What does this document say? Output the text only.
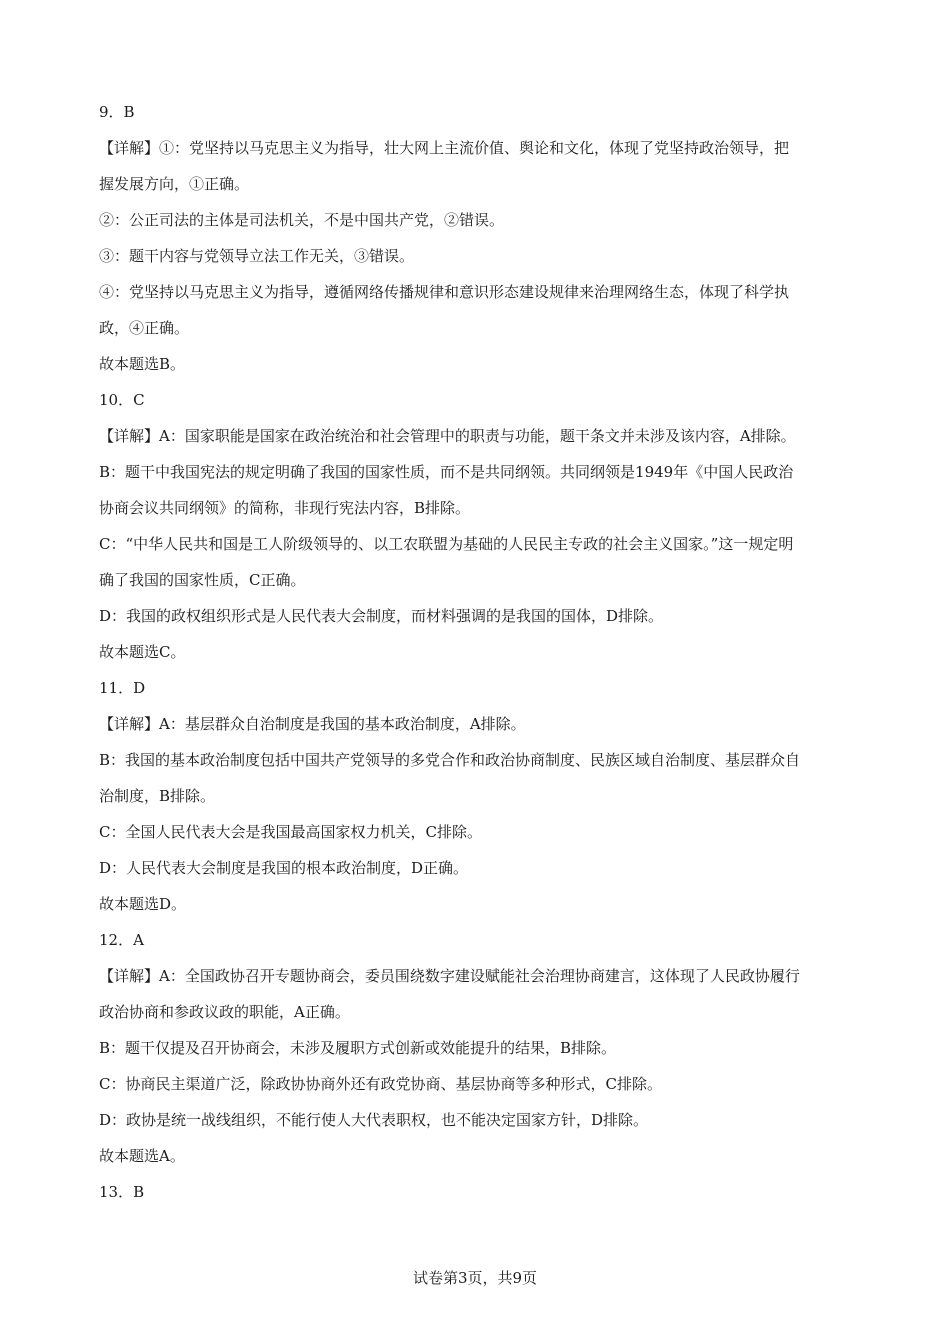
9．B
【详解】①：党坚持以马克思主义为指导，壮大网上主流价值、舆论和文化，体现了党坚持政治领导，把
握发展方向，①正确。
②：公正司法的主体是司法机关，不是中国共产党，②错误。
③：题干内容与党领导立法工作无关，③错误。
④：党坚持以马克思主义为指导，遵循网络传播规律和意识形态建设规律来治理网络生态，体现了科学执
政，④正确。
故本题选B。
10．C
【详解】A：国家职能是国家在政治统治和社会管理中的职责与功能，题干条文并未涉及该内容，A排除。
B：题干中我国宪法的规定明确了我国的国家性质，而不是共同纲领。共同纲领是1949年《中国人民政治
协商会议共同纲领》的简称，非现行宪法内容，B排除。
C：“中华人民共和国是工人阶级领导的、以工农联盟为基础的人民民主专政的社会主义国家。”这一规定明
确了我国的国家性质，C正确。
D：我国的政权组织形式是人民代表大会制度，而材料强调的是我国的国体，D排除。
故本题选C。
11．D
【详解】A：基层群众自治制度是我国的基本政治制度，A排除。
B：我国的基本政治制度包括中国共产党领导的多党合作和政治协商制度、民族区域自治制度、基层群众自
治制度，B排除。
C：全国人民代表大会是我国最高国家权力机关，C排除。
D：人民代表大会制度是我国的根本政治制度，D正确。
故本题选D。
12．A
【详解】A：全国政协召开专题协商会，委员围绕数字建设赋能社会治理协商建言，这体现了人民政协履行
政治协商和参政议政的职能，A正确。
B：题干仅提及召开协商会，未涉及履职方式创新或效能提升的结果，B排除。
C：协商民主渠道广泛，除政协协商外还有政党协商、基层协商等多种形式，C排除。
D：政协是统一战线组织，不能行使人大代表职权，也不能决定国家方针，D排除。
故本题选A。
13．B
试卷第3页，共9页
